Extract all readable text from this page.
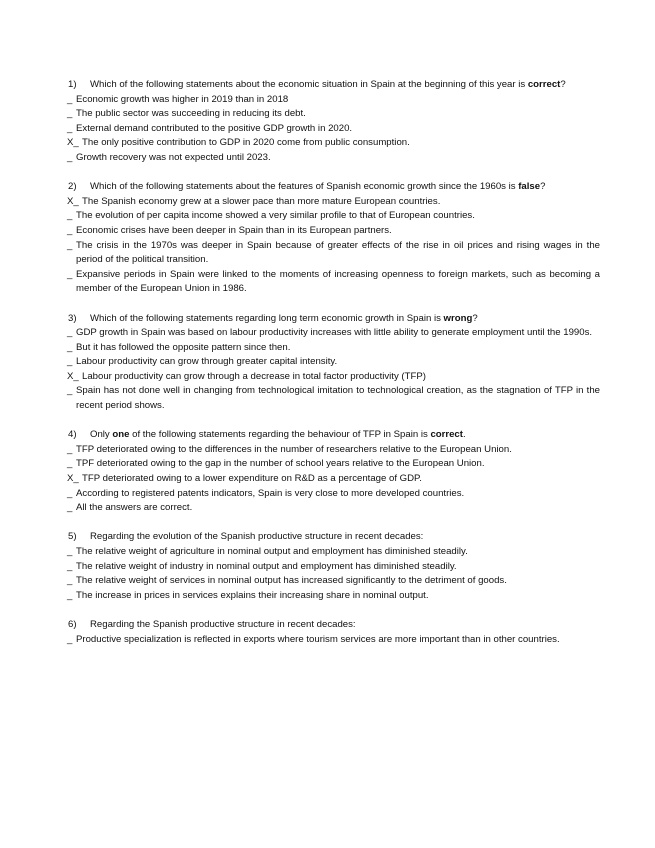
1) Which of the following statements about the economic situation in Spain at the beginning of this year is correct?
_ Economic growth was higher in 2019 than in 2018
_ The public sector was succeeding in reducing its debt.
_ External demand contributed to the positive GDP growth in 2020.
X_ The only positive contribution to GDP in 2020 come from public consumption.
_ Growth recovery was not expected until 2023.
2) Which of the following statements about the features of Spanish economic growth since the 1960s is false?
X_ The Spanish economy grew at a slower pace than more mature European countries.
_ The evolution of per capita income showed a very similar profile to that of European countries.
_ Economic crises have been deeper in Spain than in its European partners.
_ The crisis in the 1970s was deeper in Spain because of greater effects of the rise in oil prices and rising wages in the period of the political transition.
_ Expansive periods in Spain were linked to the moments of increasing openness to foreign markets, such as becoming a member of the European Union in 1986.
3) Which of the following statements regarding long term economic growth in Spain is wrong?
_ GDP growth in Spain was based on labour productivity increases with little ability to generate employment until the 1990s.
_ But it has followed the opposite pattern since then.
_ Labour productivity can grow through greater capital intensity.
X_ Labour productivity can grow through a decrease in total factor productivity (TFP)
_ Spain has not done well in changing from technological imitation to technological creation, as the stagnation of TFP in the recent period shows.
4) Only one of the following statements regarding the behaviour of TFP in Spain is correct.
_ TFP deteriorated owing to the differences in the number of researchers relative to the European Union.
_ TPF deteriorated owing to the gap in the number of school years relative to the European Union.
X_ TFP deteriorated owing to a lower expenditure on R&D as a percentage of GDP.
_ According to registered patents indicators, Spain is very close to more developed countries.
_ All the answers are correct.
5) Regarding the evolution of the Spanish productive structure in recent decades:
_ The relative weight of agriculture in nominal output and employment has diminished steadily.
_ The relative weight of industry in nominal output and employment has diminished steadily.
_ The relative weight of services in nominal output has increased significantly to the detriment of goods.
_ The increase in prices in services explains their increasing share in nominal output.
6) Regarding the Spanish productive structure in recent decades:
_ Productive specialization is reflected in exports where tourism services are more important than in other countries.
